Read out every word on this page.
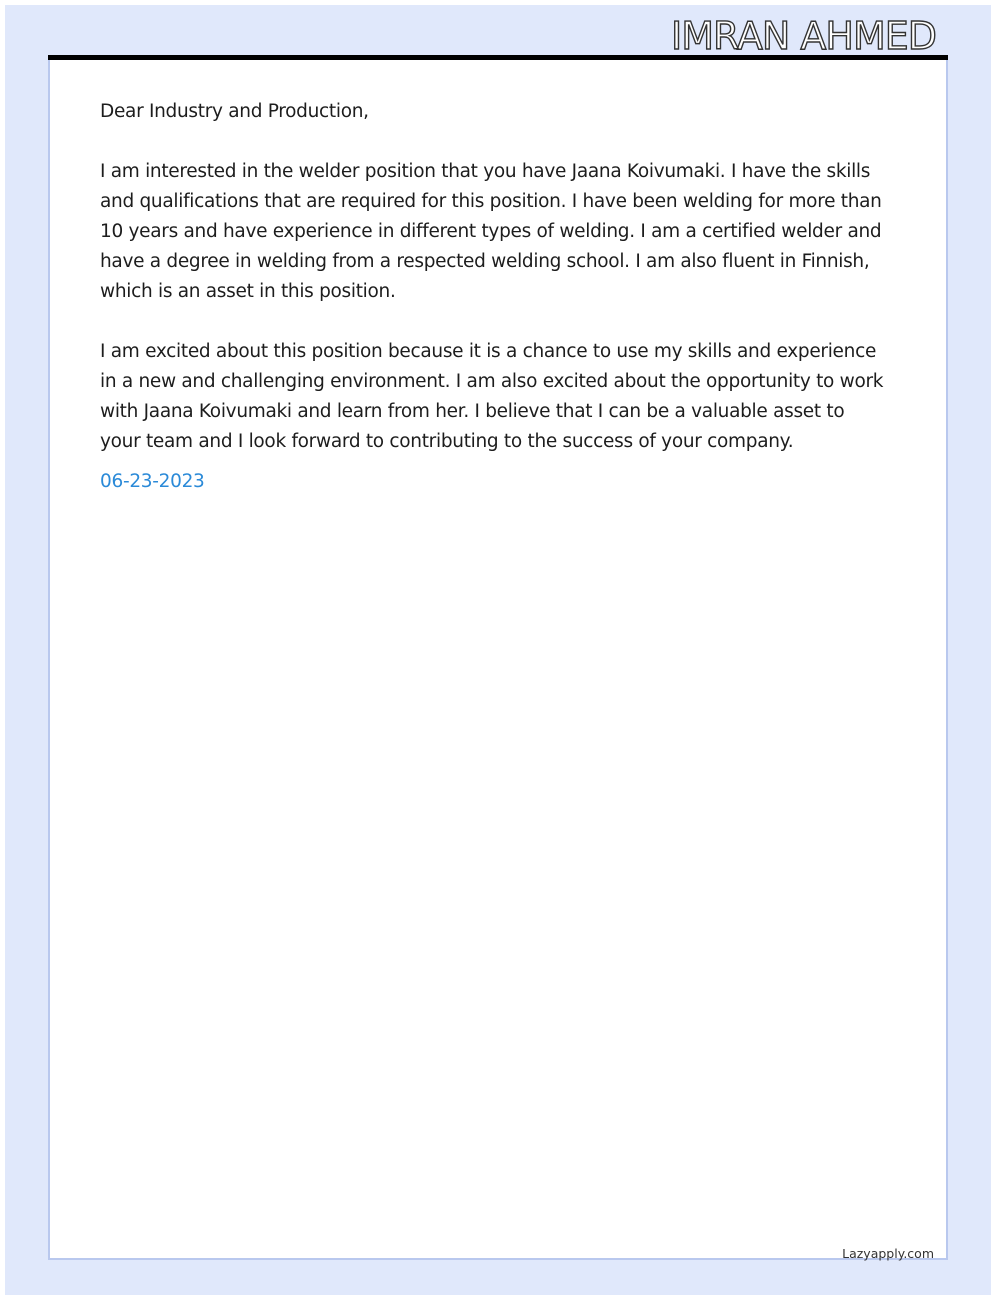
IMRAN AHMED

Dear Industry and Production,

I am interested in the welder position that you have Jaana Koivumaki. I have the skills and qualifications that are required for this position. I have been welding for more than 10 years and have experience in different types of welding. I am a certified welder and have a degree in welding from a respected welding school. I am also fluent in Finnish, which is an asset in this position.

I am excited about this position because it is a chance to use my skills and experience in a new and challenging environment. I am also excited about the opportunity to work with Jaana Koivumaki and learn from her. I believe that I can be a valuable asset to your team and I look forward to contributing to the success of your company.

06-23-2023
Lazyapply.com
